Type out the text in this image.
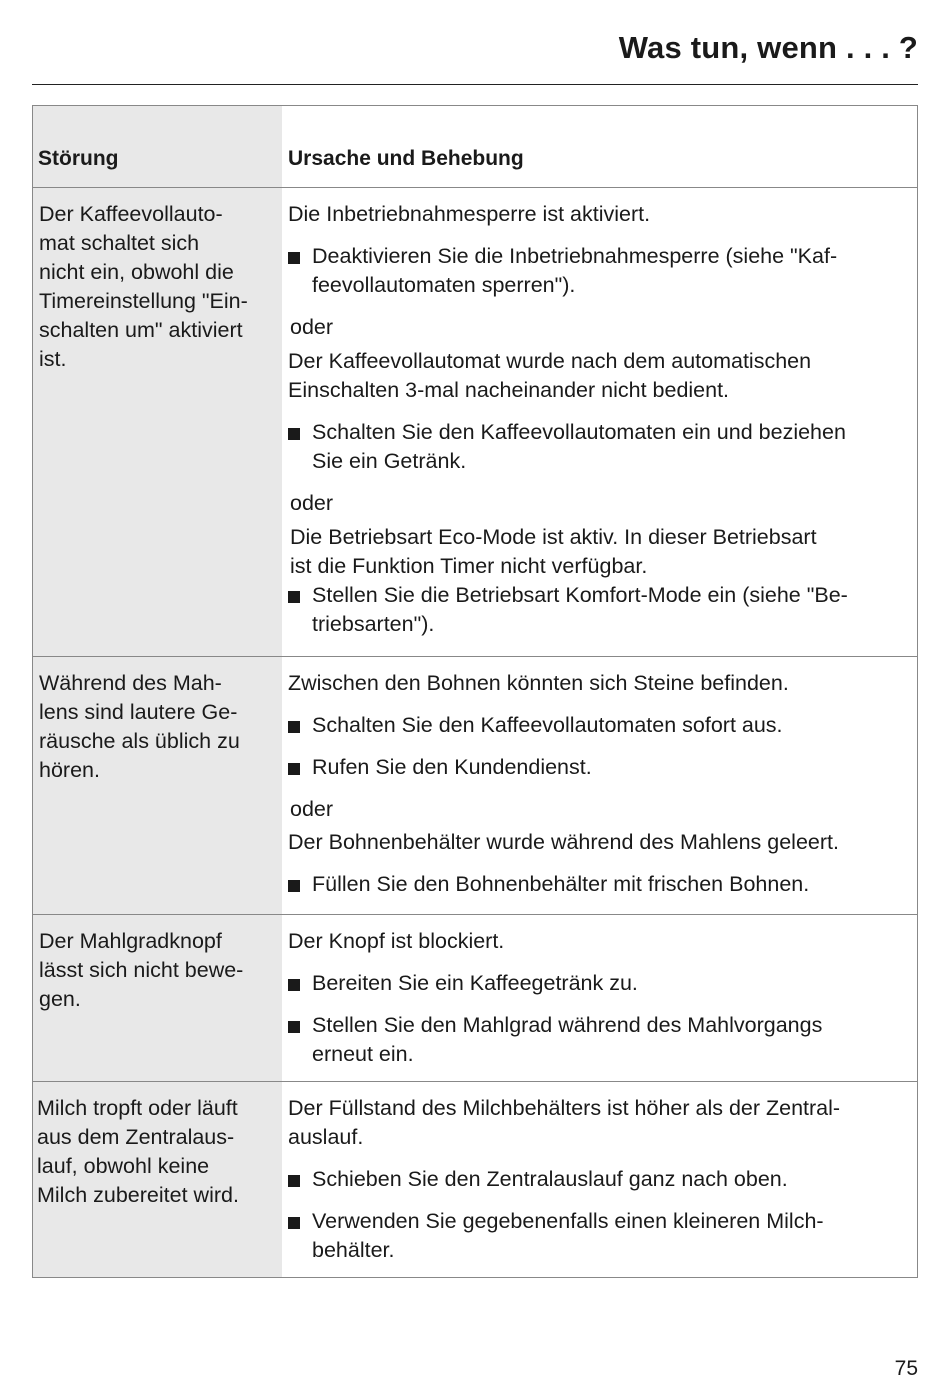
Was tun, wenn . . . ?
Störung	Ursache und Behebung
Der Kaffeevollauto-
mat schaltet sich
nicht ein, obwohl die
Timereinstellung "Ein-
schalten um" aktiviert
ist.
Die Inbetriebnahmesperre ist aktiviert.
Deaktivieren Sie die Inbetriebnahmesperre (siehe "Kaf-
feevollautomaten sperren").
oder
Der Kaffeevollautomat wurde nach dem automatischen
Einschalten 3-mal nacheinander nicht bedient.
Schalten Sie den Kaffeevollautomaten ein und beziehen
Sie ein Getränk.
oder
Die Betriebsart Eco-Mode ist aktiv. In dieser Betriebsart
ist die Funktion Timer nicht verfügbar.
Stellen Sie die Betriebsart Komfort-Mode ein (siehe "Be-
triebsarten").
Während des Mah-
lens sind lautere Ge-
räusche als üblich zu
hören.
Zwischen den Bohnen könnten sich Steine befinden.
Schalten Sie den Kaffeevollautomaten sofort aus.
Rufen Sie den Kundendienst.
oder
Der Bohnenbehälter wurde während des Mahlens geleert.
Füllen Sie den Bohnenbehälter mit frischen Bohnen.
Der Mahlgradknopf
lässt sich nicht bewe-
gen.
Der Knopf ist blockiert.
Bereiten Sie ein Kaffeegetränk zu.
Stellen Sie den Mahlgrad während des Mahlvorgangs
erneut ein.
Milch tropft oder läuft
aus dem Zentralaus-
lauf, obwohl keine
Milch zubereitet wird.
Der Füllstand des Milchbehälters ist höher als der Zentral-
auslauf.
Schieben Sie den Zentralauslauf ganz nach oben.
Verwenden Sie gegebenenfalls einen kleineren Milch-
behälter.
75
